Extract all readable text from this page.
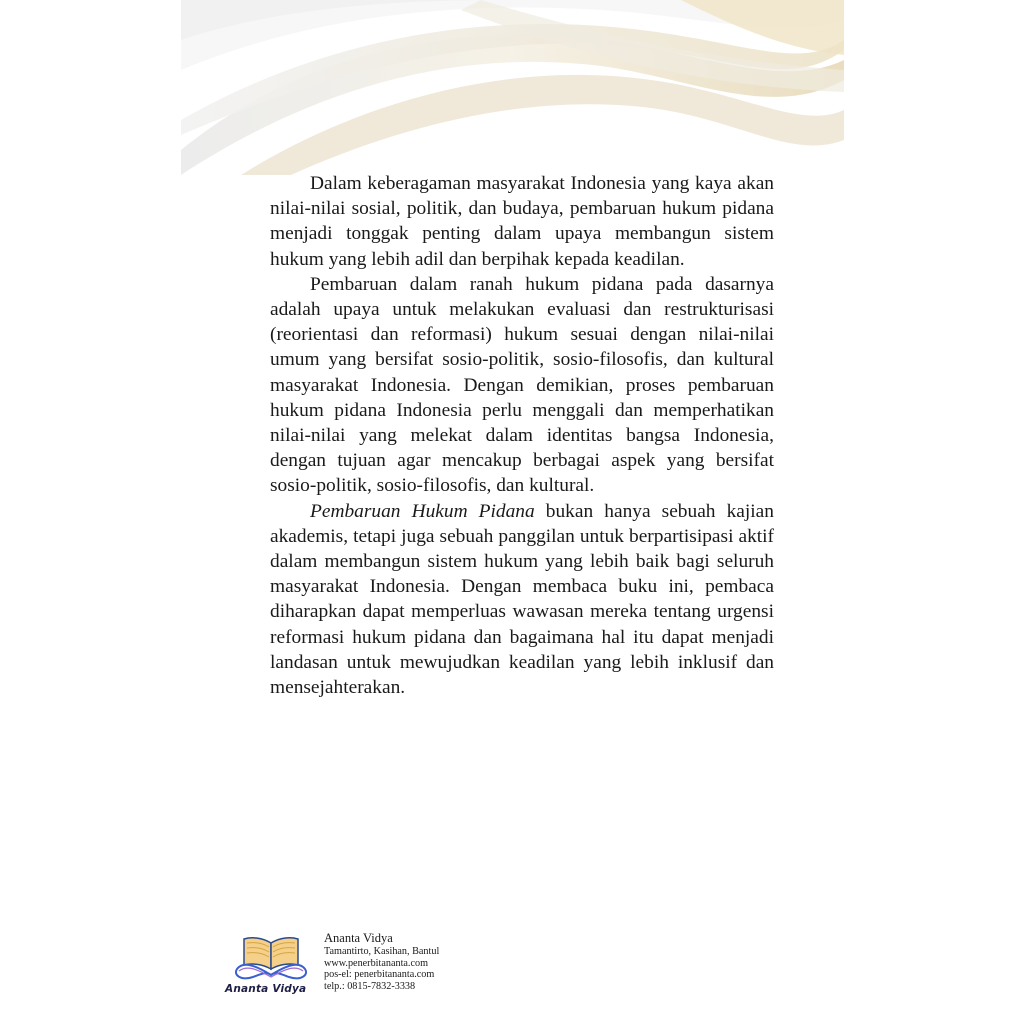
Dalam keberagaman masyarakat Indonesia yang kaya akan nilai-nilai sosial, politik, dan budaya, pembaruan hukum pidana menjadi tonggak penting dalam upaya membangun sistem hukum yang lebih adil dan berpihak kepada keadilan.

Pembaruan dalam ranah hukum pidana pada dasarnya adalah upaya untuk melakukan evaluasi dan restrukturisasi (reorientasi dan reformasi) hukum sesuai dengan nilai-nilai umum yang bersifat sosio-politik, sosio-filosofis, dan kultural masyarakat Indonesia. Dengan demikian, proses pembaruan hukum pidana Indonesia perlu menggali dan memperhatikan nilai-nilai yang melekat dalam identitas bangsa Indonesia, dengan tujuan agar mencakup berbagai aspek yang bersifat sosio-politik, sosio-filosofis, dan kultural.

Pembaruan Hukum Pidana bukan hanya sebuah kajian akademis, tetapi juga sebuah panggilan untuk berpartisipasi aktif dalam membangun sistem hukum yang lebih baik bagi seluruh masyarakat Indonesia. Dengan membaca buku ini, pembaca diharapkan dapat memperluas wawasan mereka tentang urgensi reformasi hukum pidana dan bagaimana hal itu dapat menjadi landasan untuk mewujudkan keadilan yang lebih inklusif dan mensejahterakan.

Ananta Vidya
Ananta Vidya
Tamantirto, Kasihan, Bantul
www.penerbitananta.com
pos-el: penerbitananta.com
telp.: 0815-7832-3338
